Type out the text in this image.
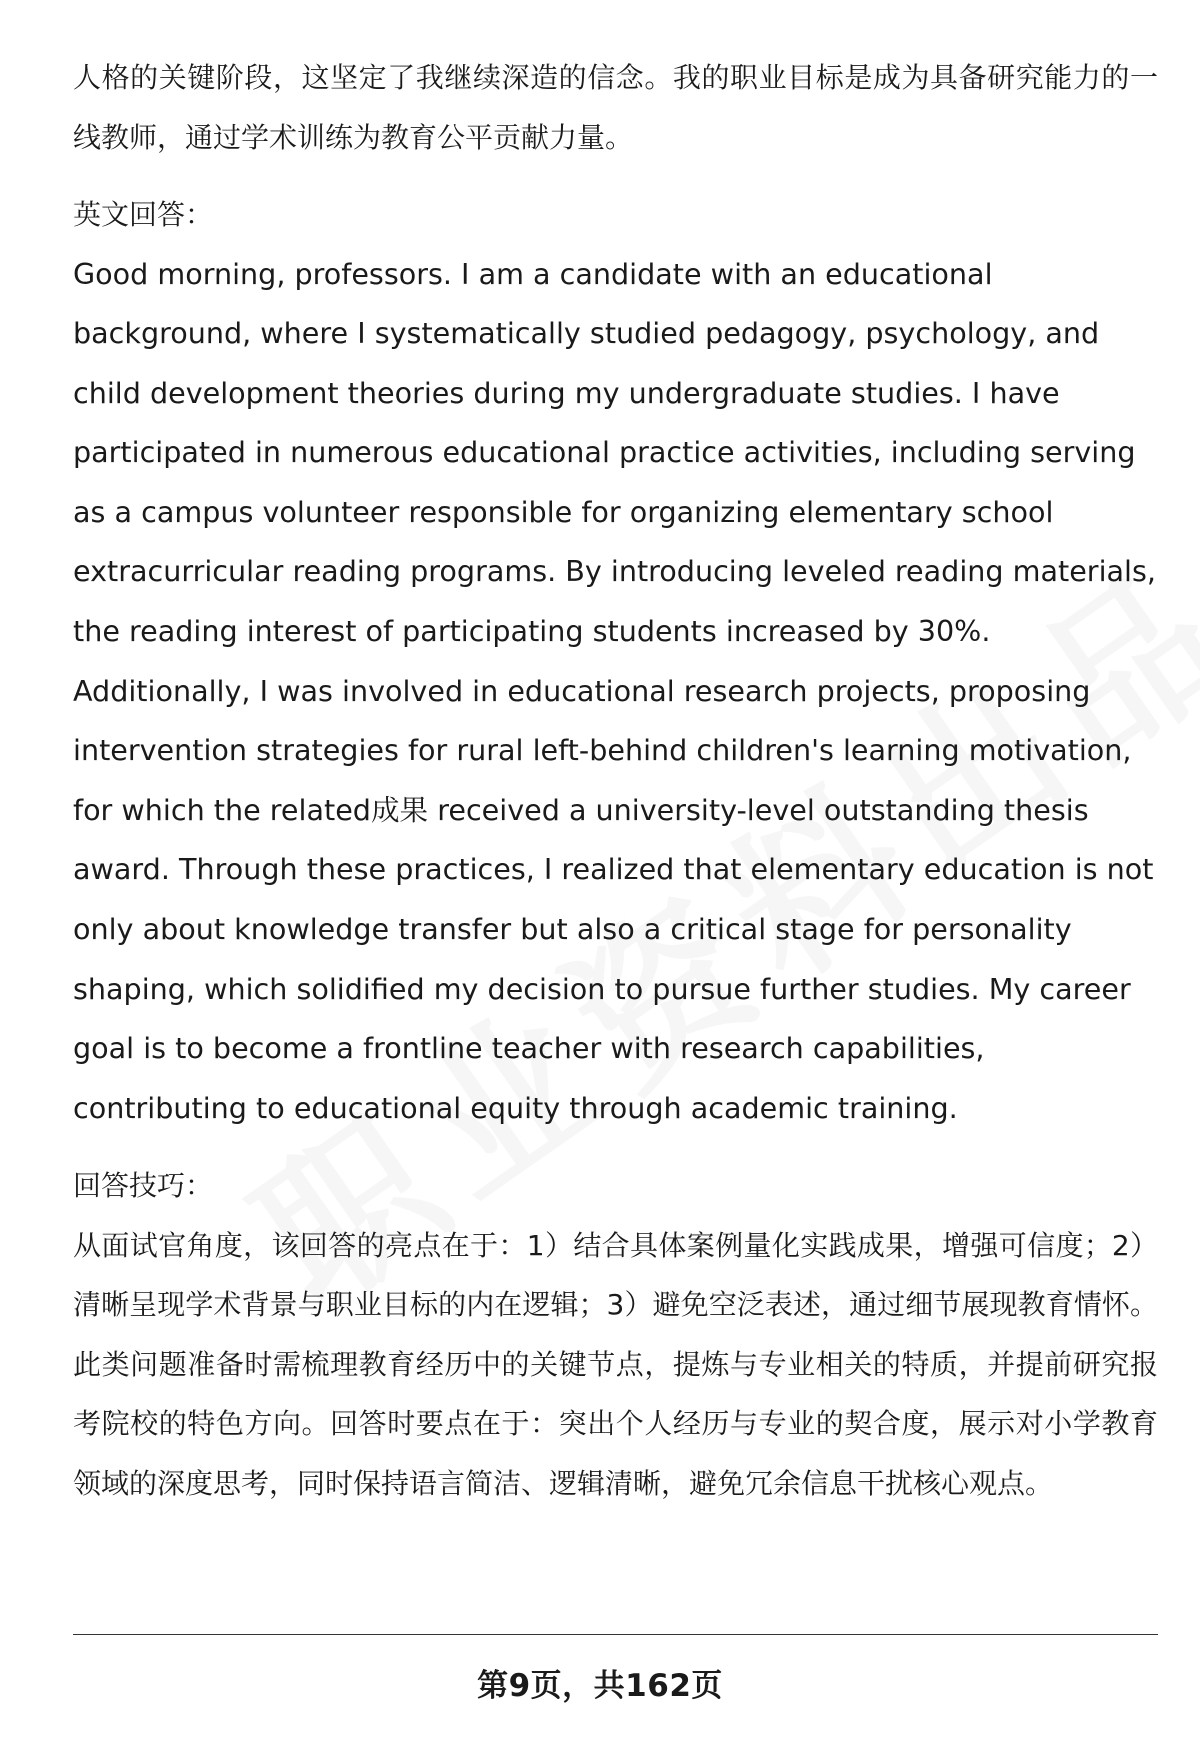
人格的关键阶段，这坚定了我继续深造的信念。我的职业目标是成为具备研究能力的一线教师，通过学术训练为教育公平贡献力量。

英文回答：

Good morning, professors. I am a candidate with an educational background, where I systematically studied pedagogy, psychology, and child development theories during my undergraduate studies. I have participated in numerous educational practice activities, including serving as a campus volunteer responsible for organizing elementary school extracurricular reading programs. By introducing leveled reading materials, the reading interest of participating students increased by 30%. Additionally, I was involved in educational research projects, proposing intervention strategies for rural left-behind children's learning motivation, for which the related成果 received a university-level outstanding thesis award. Through these practices, I realized that elementary education is not only about knowledge transfer but also a critical stage for personality shaping, which solidified my decision to pursue further studies. My career goal is to become a frontline teacher with research capabilities, contributing to educational equity through academic training.

回答技巧：

从面试官角度，该回答的亮点在于：1）结合具体案例量化实践成果，增强可信度；2）清晰呈现学术背景与职业目标的内在逻辑；3）避免空泛表述，通过细节展现教育情怀。此类问题准备时需梳理教育经历中的关键节点，提炼与专业相关的特质，并提前研究报考院校的特色方向。回答时要点在于：突出个人经历与专业的契合度，展示对小学教育领域的深度思考，同时保持语言简洁、逻辑清晰，避免冗余信息干扰核心观点。

第9页，共162页
